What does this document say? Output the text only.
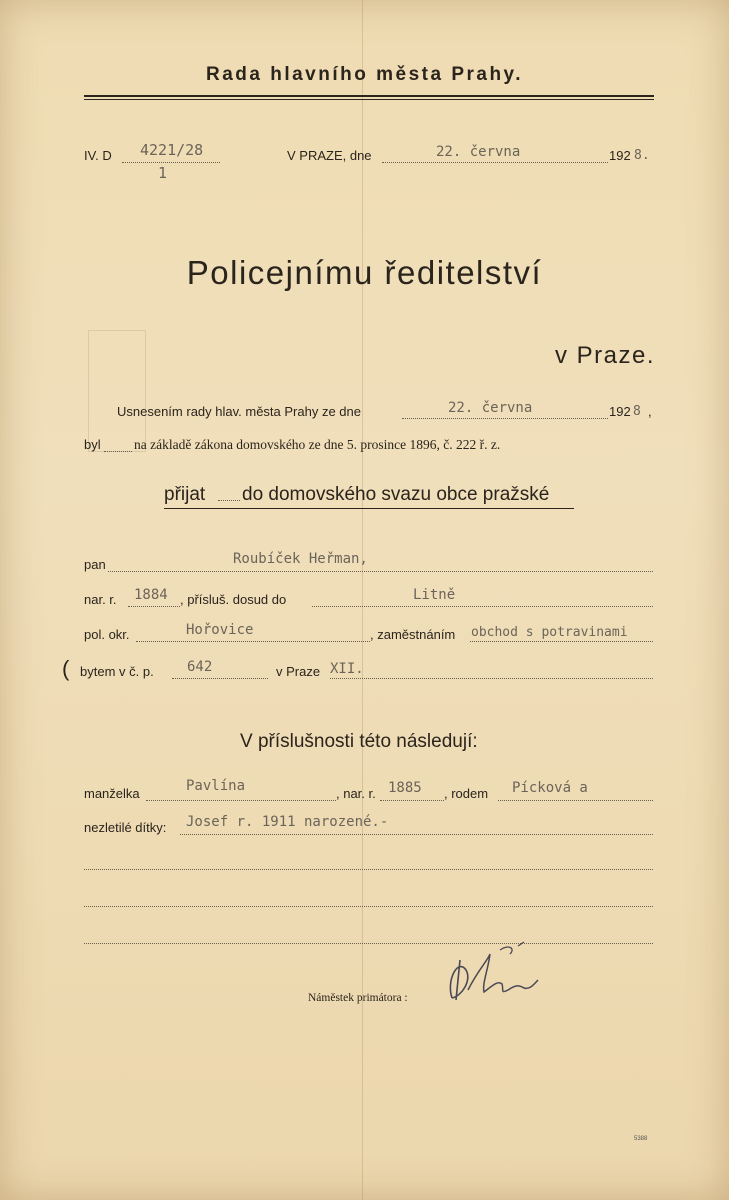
Rada hlavního města Prahy.
IV. D 4221/28
1
V PRAZE, dne	22. června	192 8.
Policejnímu ředitelství
v Praze.
Usnesením rady hlav. města Prahy ze dne	22. června	192 8 ,
byl na základě zákona domovského ze dne 5. prosince 1896, č. 222 ř. z.
přijat do domovského svazu obce pražské
pan	Roubíček Heřman,
nar. r. 1884 , přísluš. dosud do	Litně
pol. okr.	Hořovice	, zaměstnáním obchod s potravinami
( bytem v č. p. 642	v Praze XII.
V příslušnosti této následují:
manželka	Pavlína	, nar. r. 1885 , rodem Pícková a
nezletilé dítky: Josef r. 1911 narozené.-
Náměstek primátora :
5388
